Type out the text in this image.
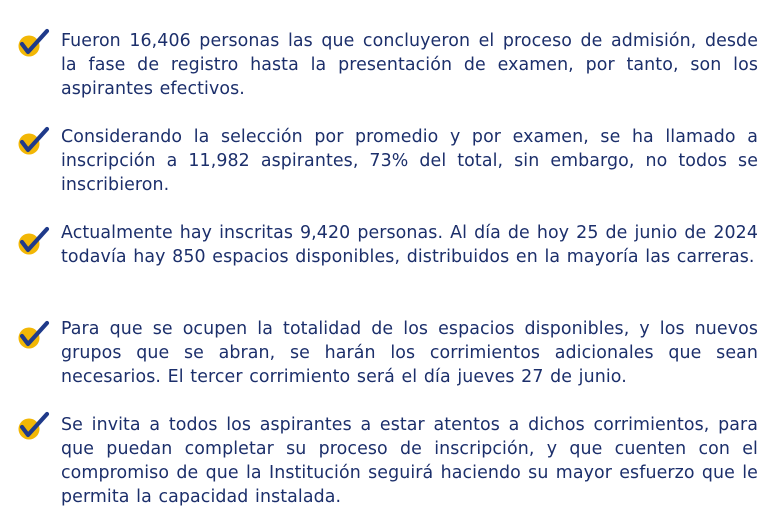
Fueron 16,406 personas las que concluyeron el proceso de admisión, desde la fase de registro hasta la presentación de examen, por tanto, son los aspirantes efectivos.

Considerando la selección por promedio y por examen, se ha llamado a inscripción a 11,982 aspirantes, 73% del total, sin embargo, no todos se inscribieron.

Actualmente hay inscritas 9,420 personas. Al día de hoy 25 de junio de 2024 todavía hay 850 espacios disponibles, distribuidos en la mayoría las carreras.

Para que se ocupen la totalidad de los espacios disponibles, y los nuevos grupos que se abran, se harán los corrimientos adicionales que sean necesarios. El tercer corrimiento será el día jueves 27 de junio.

Se invita a todos los aspirantes a estar atentos a dichos corrimientos, para que puedan completar su proceso de inscripción, y que cuenten con el compromiso de que la Institución seguirá haciendo su mayor esfuerzo que le permita la capacidad instalada.
